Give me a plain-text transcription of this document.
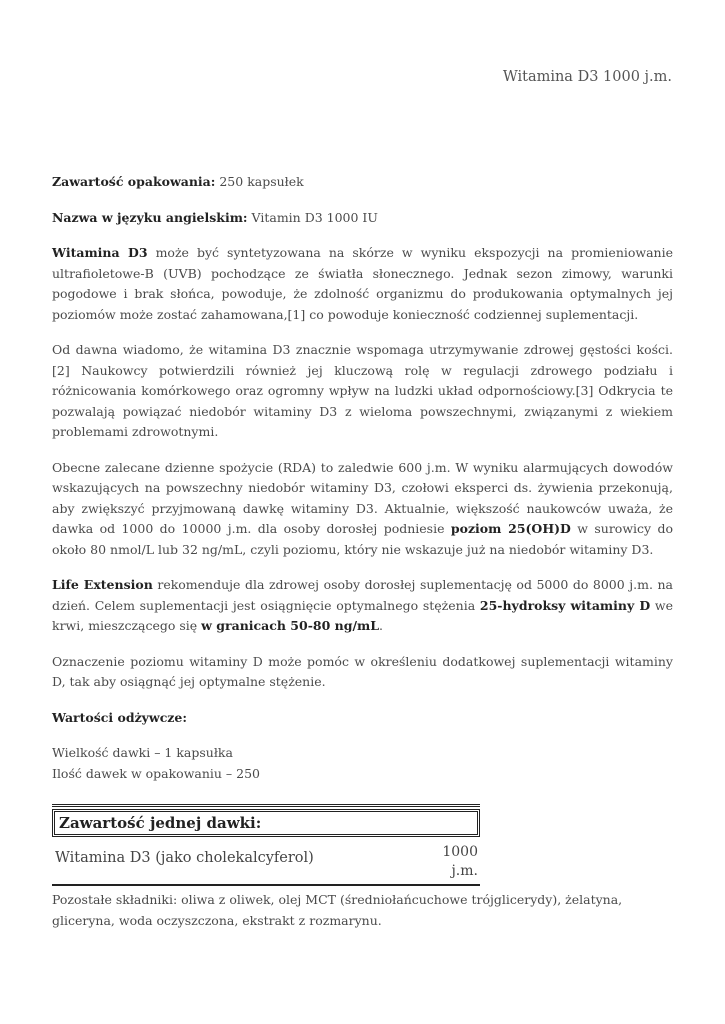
Witamina D3 1000 j.m.

Zawartość opakowania: 250 kapsułek

Nazwa w języku angielskim: Vitamin D3 1000 IU

Witamina D3 może być syntetyzowana na skórze w wyniku ekspozycji na promieniowanie ultrafioletowe-B (UVB) pochodzące ze światła słonecznego. Jednak sezon zimowy, warunki pogodowe i brak słońca, powoduje, że zdolność organizmu do produkowania optymalnych jej poziomów może zostać zahamowana,[1] co powoduje konieczność codziennej suplementacji.

Od dawna wiadomo, że witamina D3 znacznie wspomaga utrzymywanie zdrowej gęstości kości.[2] Naukowcy potwierdzili również jej kluczową rolę w regulacji zdrowego podziału i różnicowania komórkowego oraz ogromny wpływ na ludzki układ odpornościowy.[3] Odkrycia te pozwalają powiązać niedobór witaminy D3 z wieloma powszechnymi, związanymi z wiekiem problemami zdrowotnymi.

Obecne zalecane dzienne spożycie (RDA) to zaledwie 600 j.m. W wyniku alarmujących dowodów wskazujących na powszechny niedobór witaminy D3, czołowi eksperci ds. żywienia przekonują, aby zwiększyć przyjmowaną dawkę witaminy D3. Aktualnie, większość naukowców uważa, że dawka od 1000 do 10000 j.m. dla osoby dorosłej podniesie poziom 25(OH)D w surowicy do około 80 nmol/L lub 32 ng/mL, czyli poziomu, który nie wskazuje już na niedobór witaminy D3.

Life Extension rekomenduje dla zdrowej osoby dorosłej suplementację od 5000 do 8000 j.m. na dzień. Celem suplementacji jest osiągnięcie optymalnego stężenia 25-hydroksy witaminy D we krwi, mieszczącego się w granicach 50-80 ng/mL.

Oznaczenie poziomu witaminy D może pomóc w określeniu dodatkowej suplementacji witaminy D, tak aby osiągnąć jej optymalne stężenie.

Wartości odżywcze:

Wielkość dawki – 1 kapsułka

Ilość dawek w opakowaniu – 250

Zawartość jednej dawki:
Witamina D3 (jako cholekalcyferol)	1000 j.m.
Pozostałe składniki: oliwa z oliwek, olej MCT (średniołańcuchowe trójglicerydy), żelatyna, gliceryna, woda oczyszczona, ekstrakt z rozmarynu.
